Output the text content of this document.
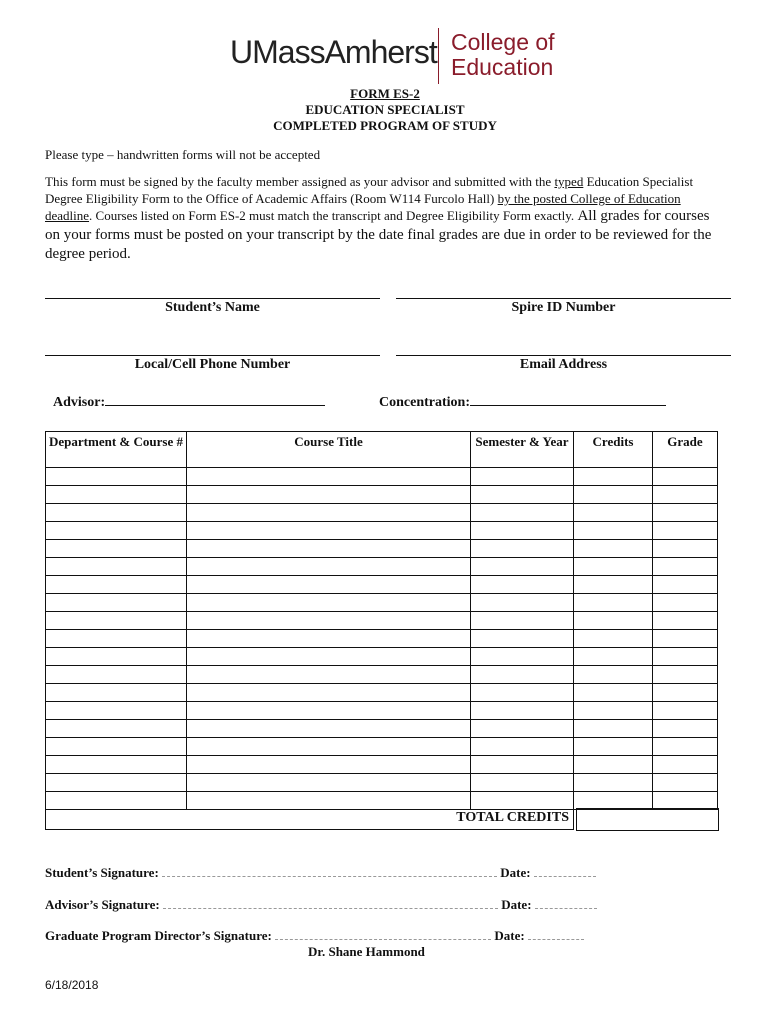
UMassAmherst College of
Education
FORM ES-2
EDUCATION SPECIALIST
COMPLETED PROGRAM OF STUDY
Please type – handwritten forms will not be accepted
This form must be signed by the faculty member assigned as your advisor and submitted with the typed Education Specialist Degree Eligibility Form to the Office of Academic Affairs (Room W114 Furcolo Hall) by the posted College of Education deadline. Courses listed on Form ES-2 must match the transcript and Degree Eligibility Form exactly. All grades for courses on your forms must be posted on your transcript by the date final grades are due in order to be reviewed for the degree period.
Student’s Name	Spire ID Number
Local/Cell Phone Number	Email Address
Advisor:	Concentration:
Department & Course #	Course Title	Semester & Year	Credits	Grade

TOTAL CREDITS
Student’s Signature:	Date:
Advisor’s Signature:	Date:
Graduate Program Director’s Signature:	Date:
Dr. Shane Hammond
6/18/2018
